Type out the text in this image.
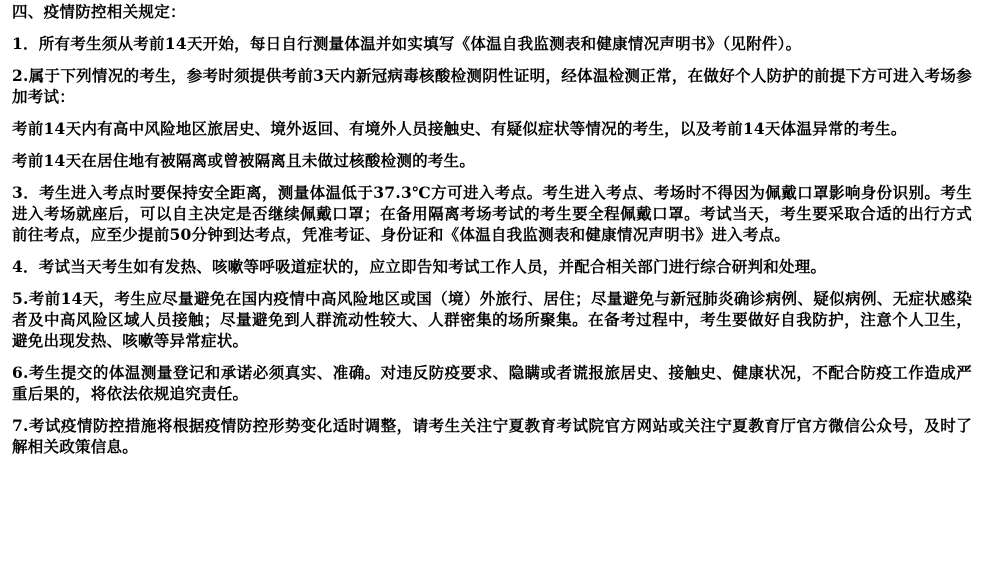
四、疫情防控相关规定：

1．所有考生须从考前14天开始，每日自行测量体温并如实填写《体温自我监测表和健康情况声明书》（见附件）。

2.属于下列情况的考生，参考时须提供考前3天内新冠病毒核酸检测阴性证明，经体温检测正常，在做好个人防护的前提下方可进入考场参加考试：

考前14天内有高中风险地区旅居史、境外返回、有境外人员接触史、有疑似症状等情况的考生，以及考前14天体温异常的考生。

考前14天在居住地有被隔离或曾被隔离且未做过核酸检测的考生。

3．考生进入考点时要保持安全距离，测量体温低于37.3℃方可进入考点。考生进入考点、考场时不得因为佩戴口罩影响身份识别。考生进入考场就座后，可以自主决定是否继续佩戴口罩；在备用隔离考场考试的考生要全程佩戴口罩。考试当天，考生要采取合适的出行方式前往考点，应至少提前50分钟到达考点，凭准考证、身份证和《体温自我监测表和健康情况声明书》进入考点。

4．考试当天考生如有发热、咳嗽等呼吸道症状的，应立即告知考试工作人员，并配合相关部门进行综合研判和处理。

5.考前14天，考生应尽量避免在国内疫情中高风险地区或国（境）外旅行、居住；尽量避免与新冠肺炎确诊病例、疑似病例、无症状感染者及中高风险区域人员接触；尽量避免到人群流动性较大、人群密集的场所聚集。在备考过程中，考生要做好自我防护，注意个人卫生，避免出现发热、咳嗽等异常症状。

6.考生提交的体温测量登记和承诺必须真实、准确。对违反防疫要求、隐瞒或者谎报旅居史、接触史、健康状况，不配合防疫工作造成严重后果的，将依法依规追究责任。

7.考试疫情防控措施将根据疫情防控形势变化适时调整，请考生关注宁夏教育考试院官方网站或关注宁夏教育厅官方微信公众号，及时了解相关政策信息。
